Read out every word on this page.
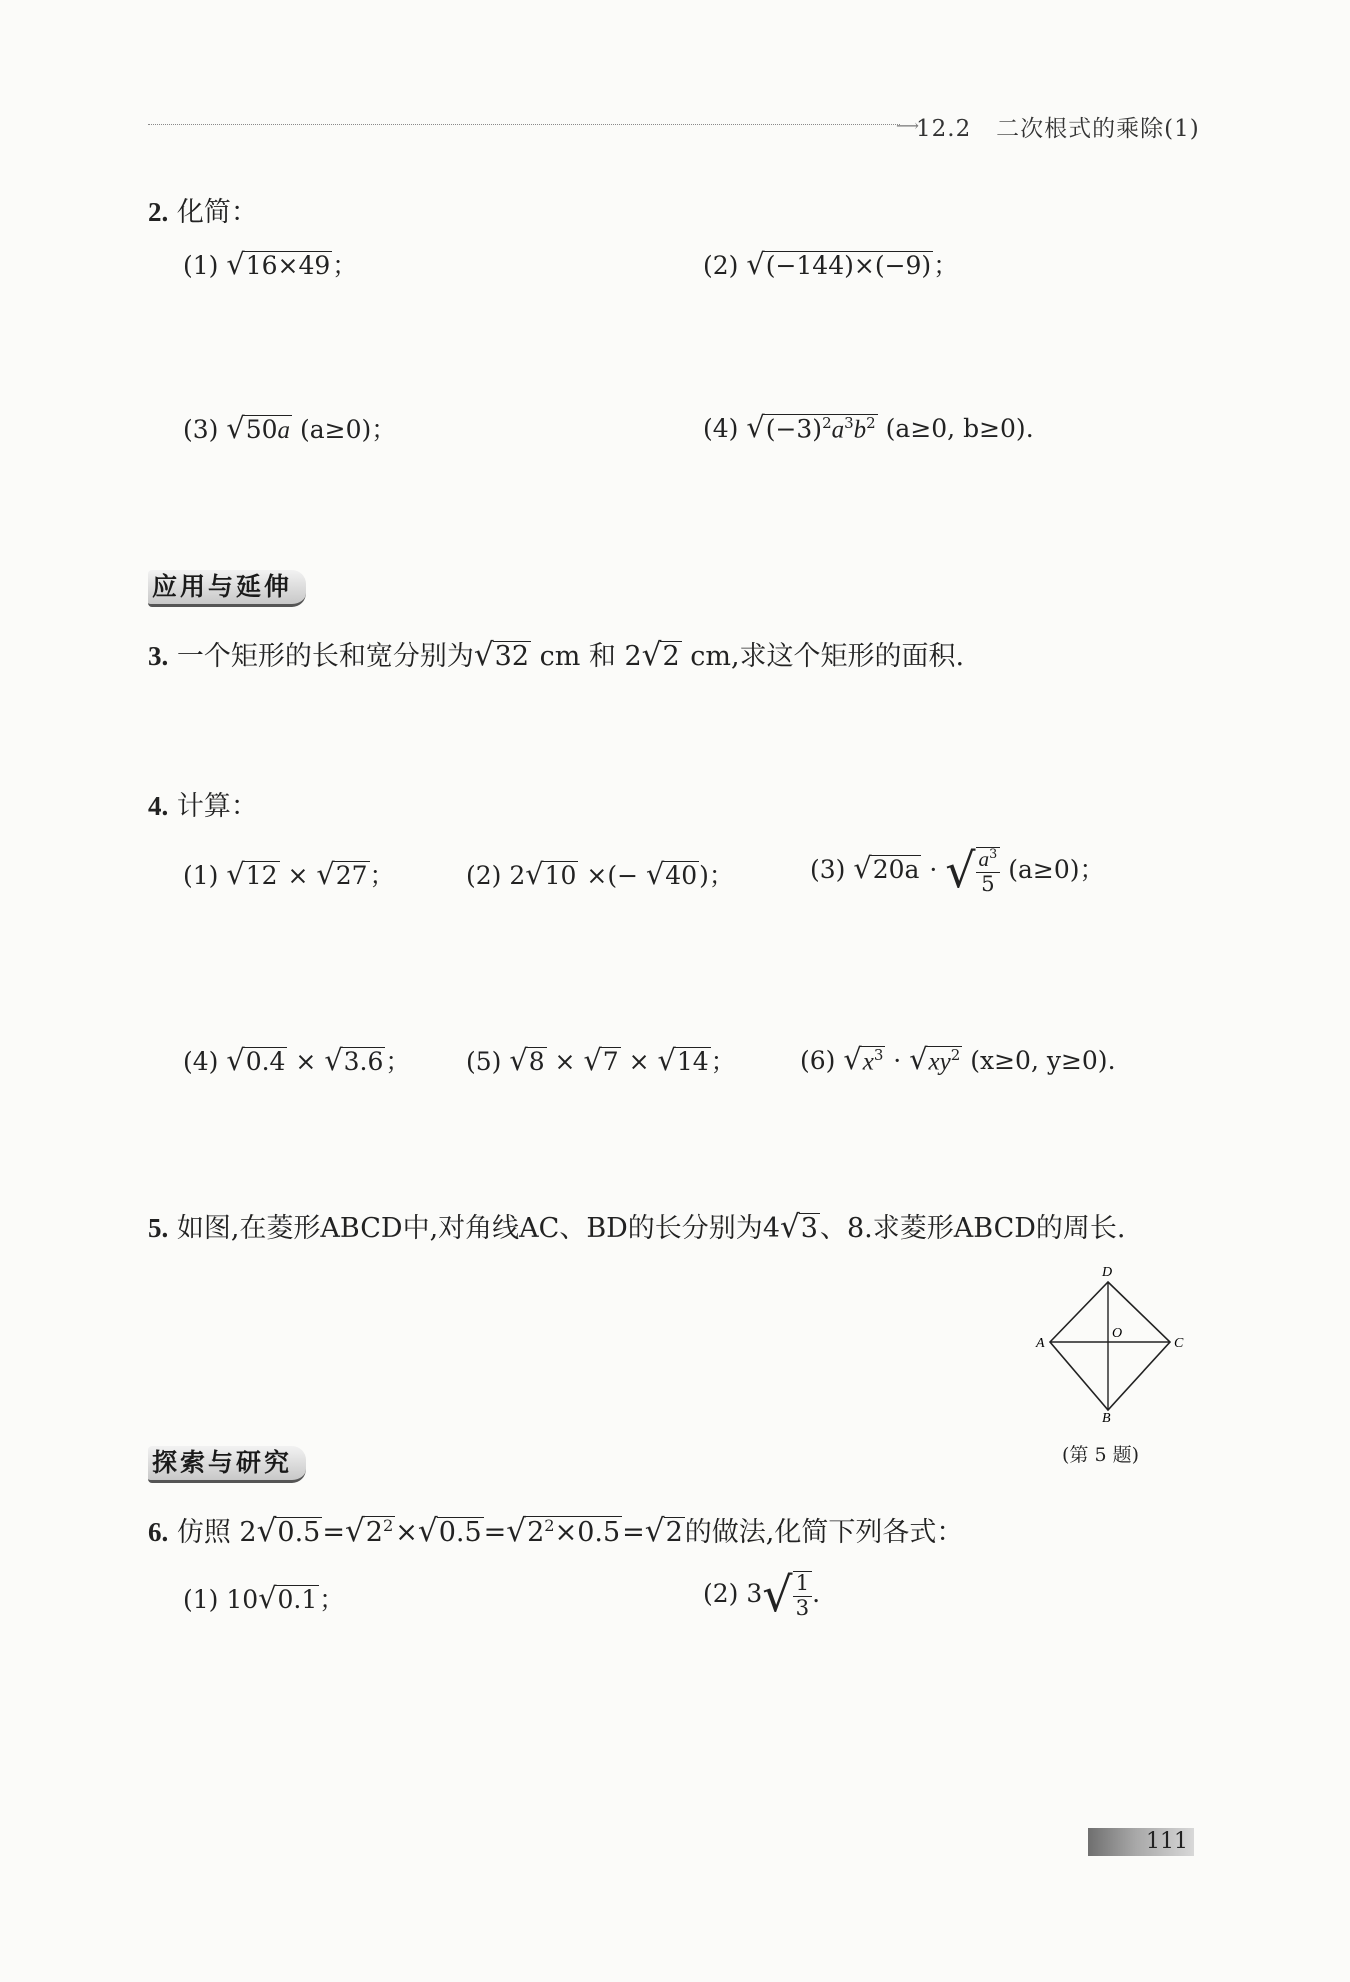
⟶
12.2 二次根式的乘除(1)
2. 化简：
(1) √16×49；	(2) √(−144)×(−9)；
(3) √50a (a≥0)；	(4) $√(-3)^2a^3b^2$ (a≥0, b≥0).
应用与延伸
3. 一个矩形的长和宽分别为√32 cm 和 2√2 cm,求这个矩形的面积.
4. 计算：
(1) √12 × √27；	(2) 2√10 ×(− √40)；	(3) √20a · √ $\frac{a^3}{5} (a\ge 0)$；
(4) √0.4 × √3.6； (5) √8 × √7 × √14；	(6) $√x^3 \cdot √xy^2$ (x≥0, y≥0).
5. 如图,在菱形ABCD中,对角线AC、BD的长分别为4√3、8.求菱形ABCD的周长.
D
A	C
B
O
(第 5 题)
探索与研究
6. 仿照 $2√0.5=√2^2\times√0.5=√2^2\times 0.5=√2$的做法,化简下列各式：
(1) 10√0.1；	(2) $3√ \frac{1}{3}$ .
111
